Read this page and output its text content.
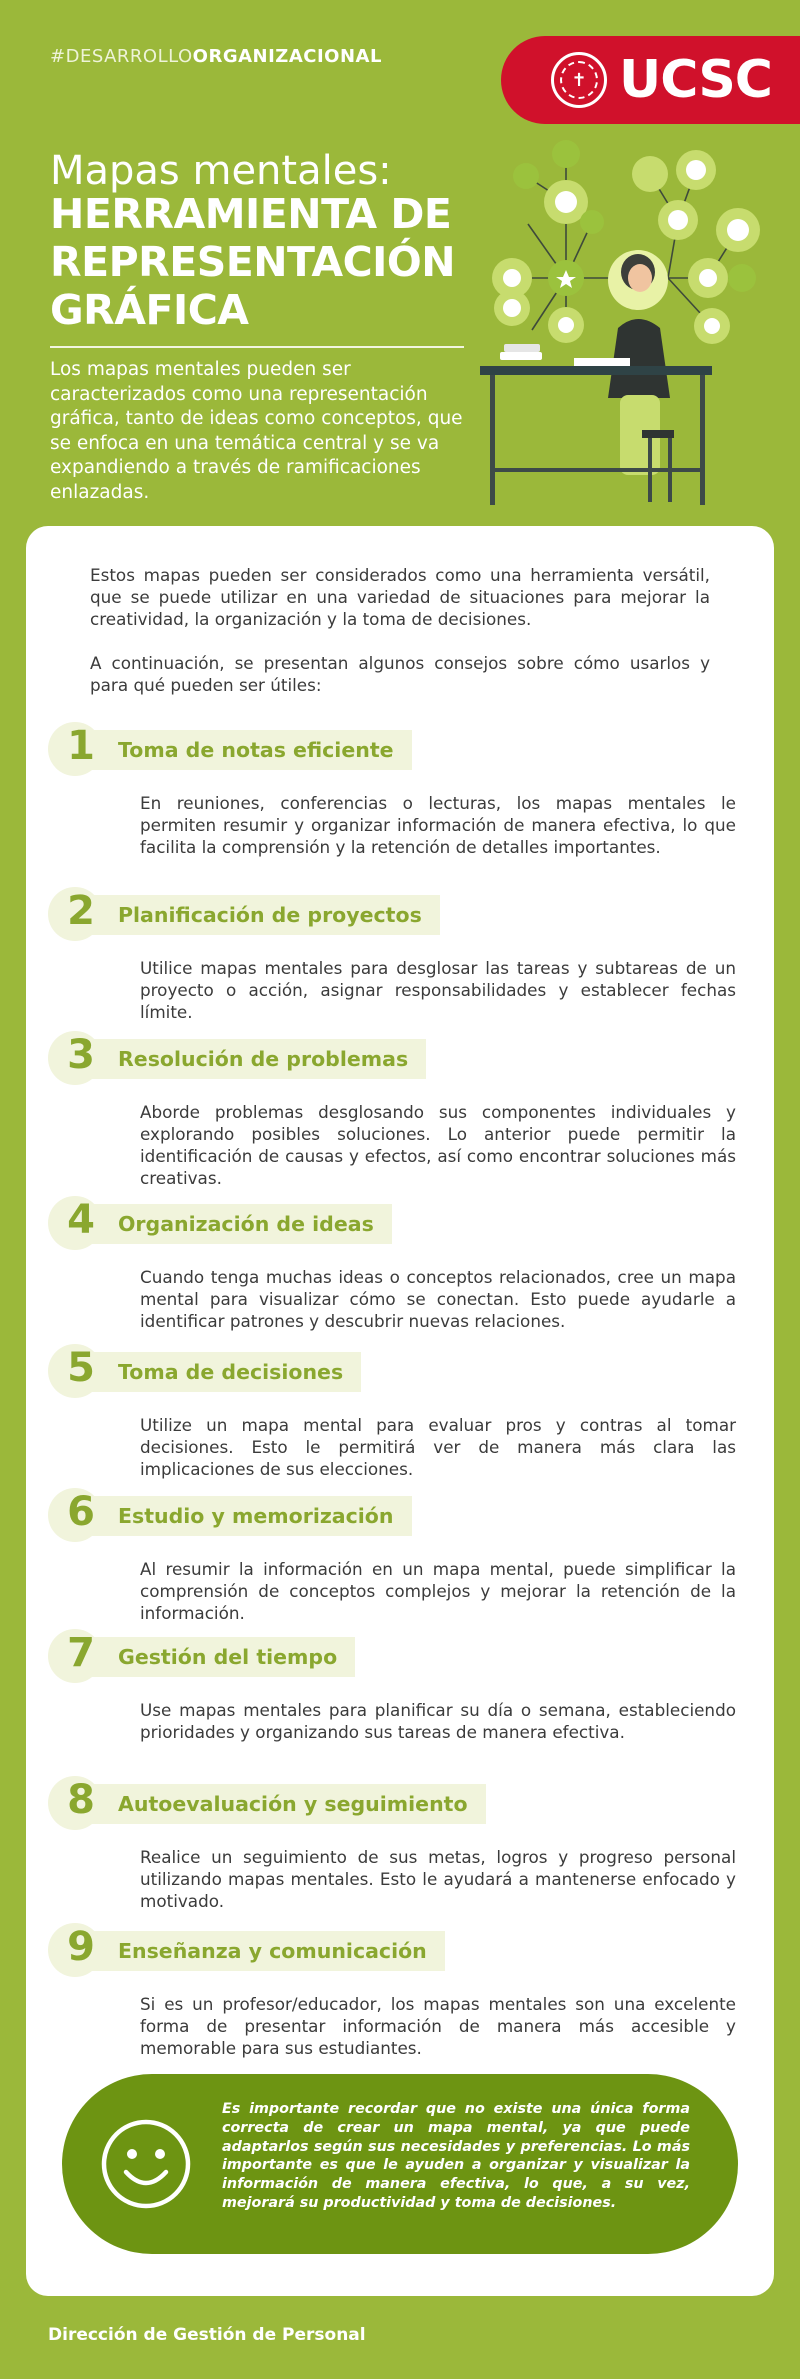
#DESARROLLOORGANIZACIONAL
✝ UCSC
Mapas mentales:
HERRAMIENTA DE
REPRESENTACIÓN
GRÁFICA
Los mapas mentales pueden ser caracterizados como una representación gráfica, tanto de ideas como conceptos, que se enfoca en una temática central y se va expandiendo a través de ramificaciones enlazadas.
Estos mapas pueden ser considerados como una herramienta versátil, que se puede utilizar en una variedad de situaciones para mejorar la creatividad, la organización y la toma de decisiones.
A continuación, se presentan algunos consejos sobre cómo usarlos y para qué pueden ser útiles:
Toma de notas eficiente
1
En reuniones, conferencias o lecturas, los mapas mentales le permiten resumir y organizar información de manera efectiva, lo que facilita la comprensión y la retención de detalles importantes.
Planificación de proyectos
2
Utilice mapas mentales para desglosar las tareas y subtareas de un proyecto o acción, asignar responsabilidades y establecer fechas límite.
Resolución de problemas
3
Aborde problemas desglosando sus componentes individuales y explorando posibles soluciones. Lo anterior puede permitir la identificación de causas y efectos, así como encontrar soluciones más creativas.
Organización de ideas
4
Cuando tenga muchas ideas o conceptos relacionados, cree un mapa mental para visualizar cómo se conectan. Esto puede ayudarle a identificar patrones y descubrir nuevas relaciones.
Toma de decisiones
5
Utilize un mapa mental para evaluar pros y contras al tomar decisiones. Esto le permitirá ver de manera más clara las implicaciones de sus elecciones.
Estudio y memorización
6
Al resumir la información en un mapa mental, puede simplificar la comprensión de conceptos complejos y mejorar la retención de la información.
Gestión del tiempo
7
Use mapas mentales para planificar su día o semana, estableciendo prioridades y organizando sus tareas de manera efectiva.
Autoevaluación y seguimiento
8
Realice un seguimiento de sus metas, logros y progreso personal utilizando mapas mentales. Esto le ayudará a mantenerse enfocado y motivado.
Enseñanza y comunicación
9
Si es un profesor/educador, los mapas mentales son una excelente forma de presentar información de manera más accesible y memorable para sus estudiantes.
Es importante recordar que no existe una única forma correcta de crear un mapa mental, ya que puede adaptarlos según sus necesidades y preferencias. Lo más importante es que le ayuden a organizar y visualizar la información de manera efectiva, lo que, a su vez, mejorará su productividad y toma de decisiones.
Dirección de Gestión de Personal
